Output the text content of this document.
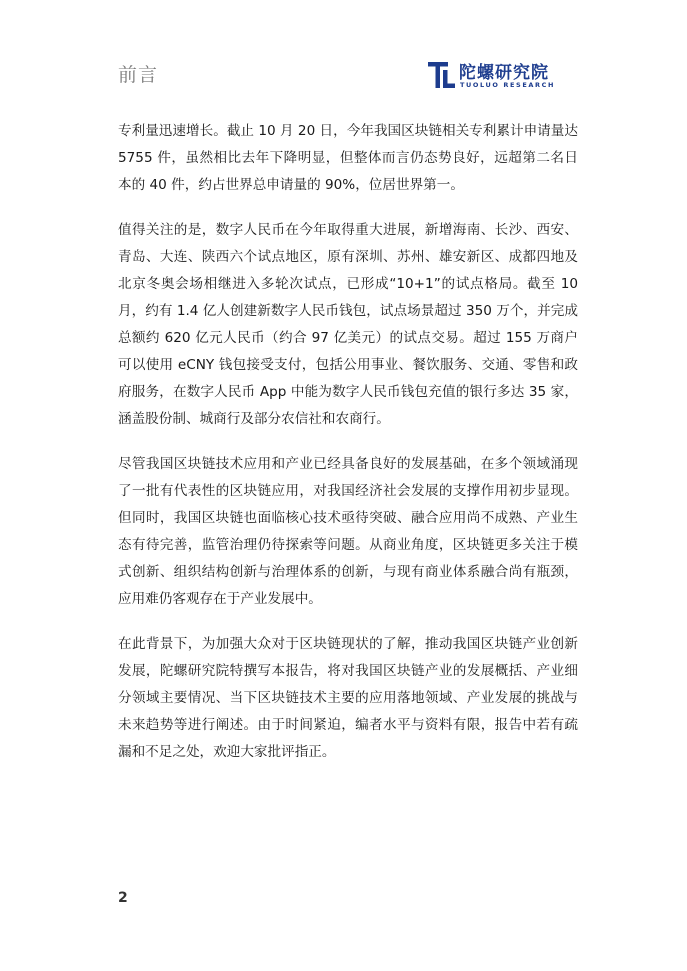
前言	陀螺研究院
TUOLUO RESEARCH

专利量迅速增长。截止 10 月 20 日，今年我国区块链相关专利累计申请量达 5755 件，虽然相比去年下降明显，但整体而言仍态势良好，远超第二名日本的 40 件，约占世界总申请量的 90%，位居世界第一。

值得关注的是，数字人民币在今年取得重大进展，新增海南、长沙、西安、青岛、大连、陕西六个试点地区，原有深圳、苏州、雄安新区、成都四地及北京冬奥会场相继进入多轮次试点，已形成“10+1”的试点格局。截至 10 月，约有 1.4 亿人创建新数字人民币钱包，试点场景超过 350 万个，并完成总额约 620 亿元人民币（约合 97 亿美元）的试点交易。超过 155 万商户可以使用 eCNY 钱包接受支付，包括公用事业、餐饮服务、交通、零售和政府服务，在数字人民币 App 中能为数字人民币钱包充值的银行多达 35 家，涵盖股份制、城商行及部分农信社和农商行。

尽管我国区块链技术应用和产业已经具备良好的发展基础，在多个领域涌现了一批有代表性的区块链应用，对我国经济社会发展的支撑作用初步显现。但同时，我国区块链也面临核心技术亟待突破、融合应用尚不成熟、产业生态有待完善，监管治理仍待探索等问题。从商业角度，区块链更多关注于模式创新、组织结构创新与治理体系的创新，与现有商业体系融合尚有瓶颈，应用难仍客观存在于产业发展中。

在此背景下，为加强大众对于区块链现状的了解，推动我国区块链产业创新发展，陀螺研究院特撰写本报告，将对我国区块链产业的发展概括、产业细分领域主要情况、当下区块链技术主要的应用落地领域、产业发展的挑战与未来趋势等进行阐述。由于时间紧迫，编者水平与资料有限，报告中若有疏漏和不足之处，欢迎大家批评指正。

2
